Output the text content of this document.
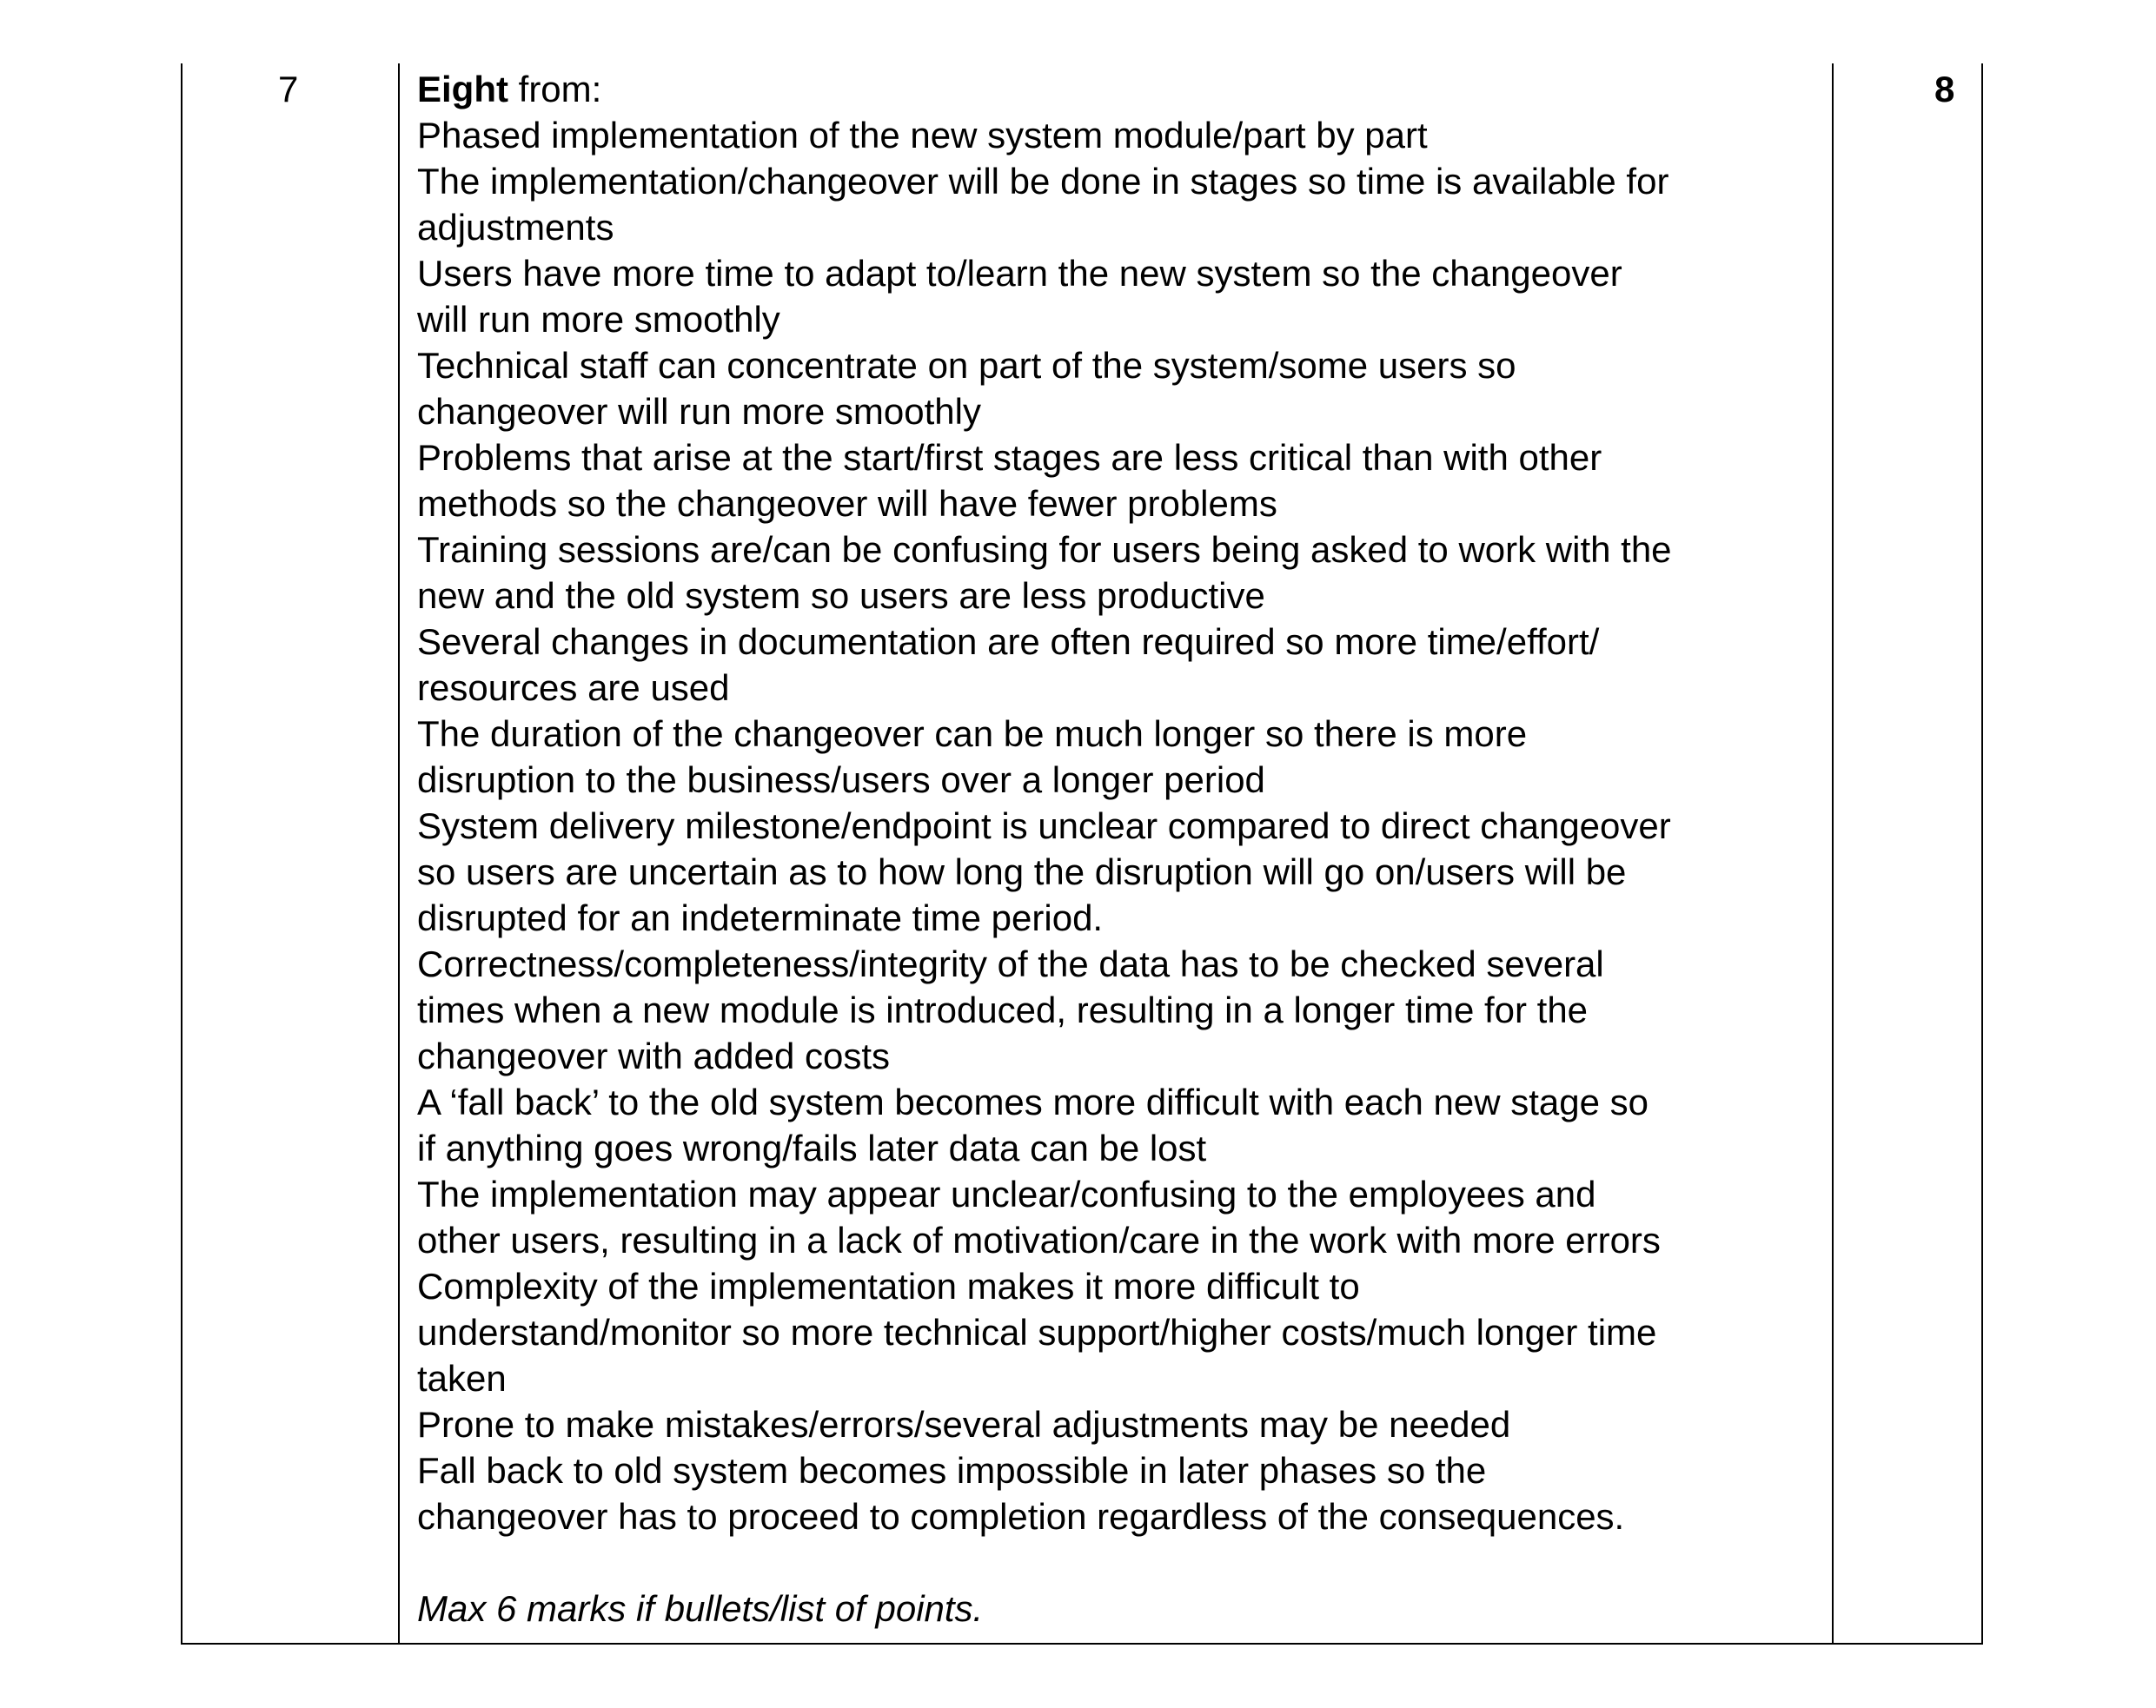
7	Eight from:
Phased implementation of the new system module/part by part
The implementation/changeover will be done in stages so time is available for
adjustments
Users have more time to adapt to/learn the new system so the changeover
will run more smoothly
Technical staff can concentrate on part of the system/some users so
changeover will run more smoothly
Problems that arise at the start/first stages are less critical than with other
methods so the changeover will have fewer problems
Training sessions are/can be confusing for users being asked to work with the
new and the old system so users are less productive
Several changes in documentation are often required so more time/effort/
resources are used
The duration of the changeover can be much longer so there is more
disruption to the business/users over a longer period
System delivery milestone/endpoint is unclear compared to direct changeover
so users are uncertain as to how long the disruption will go on/users will be
disrupted for an indeterminate time period.
Correctness/completeness/integrity of the data has to be checked several
times when a new module is introduced, resulting in a longer time for the
changeover with added costs
A ‘fall back’ to the old system becomes more difficult with each new stage so
if anything goes wrong/fails later data can be lost
The implementation may appear unclear/confusing to the employees and
other users, resulting in a lack of motivation/care in the work with more errors
Complexity of the implementation makes it more difficult to
understand/monitor so more technical support/higher costs/much longer time
taken
Prone to make mistakes/errors/several adjustments may be needed
Fall back to old system becomes impossible in later phases so the
changeover has to proceed to completion regardless of the consequences.
Max 6 marks if bullets/list of points.
8
